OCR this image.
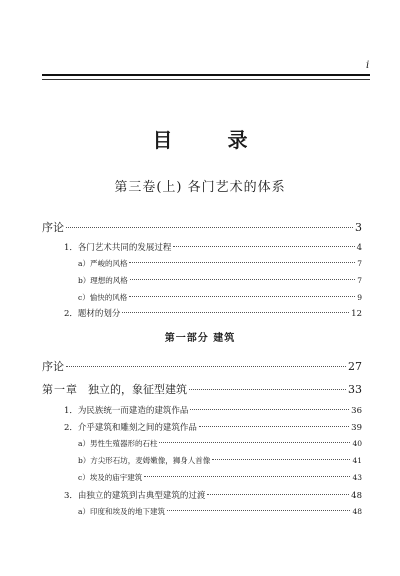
i
目 录
第三卷(上) 各门艺术的体系
序论	3
1．各门艺术共同的发展过程	4
a）严峻的风格	7
b）理想的风格	7
c）愉快的风格	9
2．题材的划分	12
第一部分 建筑
序论	27
第一章 独立的，象征型建筑	33
1．为民族统一而建造的建筑作品	36
2．介乎建筑和雕刻之间的建筑作品	39
a）男性生殖器形的石柱	40
b）方尖形石坊，麦姆嫩像，狮身人首像	41
c）埃及的庙宇建筑	43
3．由独立的建筑到古典型建筑的过渡	48
a）印度和埃及的地下建筑	48
